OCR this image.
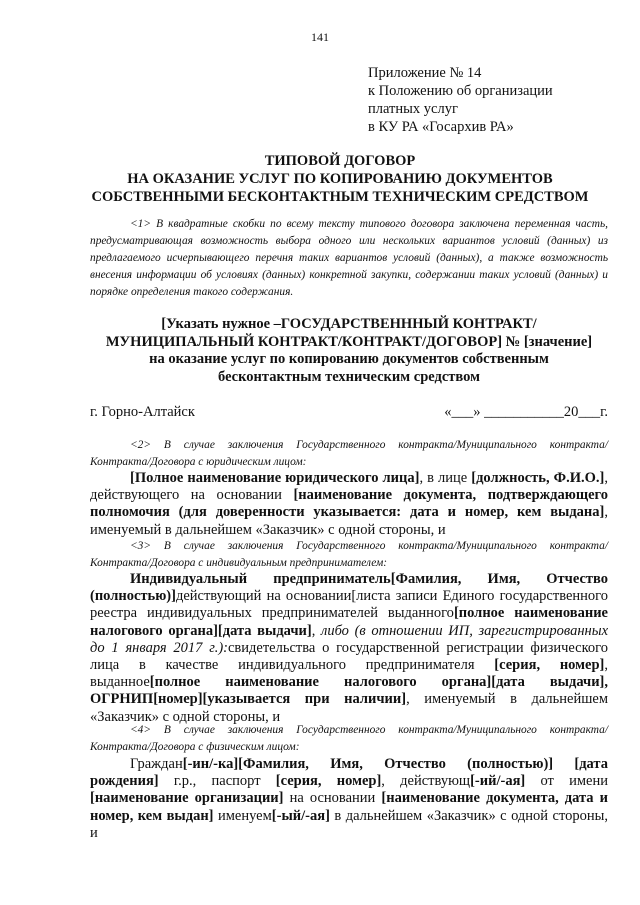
141
Приложение № 14
к Положению об организации
платных услуг
в КУ РА «Госархив РА»
ТИПОВОЙ ДОГОВОР
НА ОКАЗАНИЕ УСЛУГ ПО КОПИРОВАНИЮ ДОКУМЕНТОВ
СОБСТВЕННЫМИ БЕСКОНТАКТНЫМ ТЕХНИЧЕСКИМ СРЕДСТВОМ
<1> В квадратные скобки по всему тексту типового договора заключена переменная часть, предусматривающая возможность выбора одного или нескольких вариантов условий (данных) из предлагаемого исчерпывающего перечня таких вариантов условий (данных), а также возможность внесения информации об условиях (данных) конкретной закупки, содержании таких условий (данных) и порядке определения такого содержания.
[Указать нужное –ГОСУДАРСТВЕНННЫЙ КОНТРАКТ/
МУНИЦИПАЛЬНЫЙ КОНТРАКТ/КОНТРАКТ/ДОГОВОР] № [значение]
на оказание услуг по копированию документов собственным
бесконтактным техническим средством
г. Горно-Алтайск	«___» ___________20___г.
<2> В случае заключения Государственного контракта/Муниципального контракта/Контракта/Договора с юридическим лицом:
[Полное наименование юридического лица], в лице [должность, Ф.И.О.], действующего на основании [наименование документа, подтверждающего полномочия (для доверенности указывается: дата и номер, кем выдана], именуемый в дальнейшем «Заказчик» с одной стороны, и
<3> В случае заключения Государственного контракта/Муниципального контракта/Контракта/Договора с индивидуальным предпринимателем:
Индивидуальный предприниматель[Фамилия, Имя, Отчество (полностью)]действующий на основании[листа записи Единого государственного реестра индивидуальных предпринимателей выданного[полное наименование налогового органа][дата выдачи], либо (в отношении ИП, зарегистрированных до 1 января 2017 г.):свидетельства о государственной регистрации физического лица в качестве индивидуального предпринимателя [серия, номер], выданное[полное наименование налогового органа][дата выдачи], ОГРНИП[номер][указывается при наличии], именуемый в дальнейшем «Заказчик» с одной стороны, и
<4> В случае заключения Государственного контракта/Муниципального контракта/Контракта/Договора с физическим лицом:
Граждан[-ин/-ка][Фамилия, Имя, Отчество (полностью)] [дата рождения] г.р., паспорт [серия, номер], действующ[-ий/-ая] от имени [наименование организации] на основании [наименование документа, дата и номер, кем выдан] именуем[-ый/-ая] в дальнейшем «Заказчик» с одной стороны, и
